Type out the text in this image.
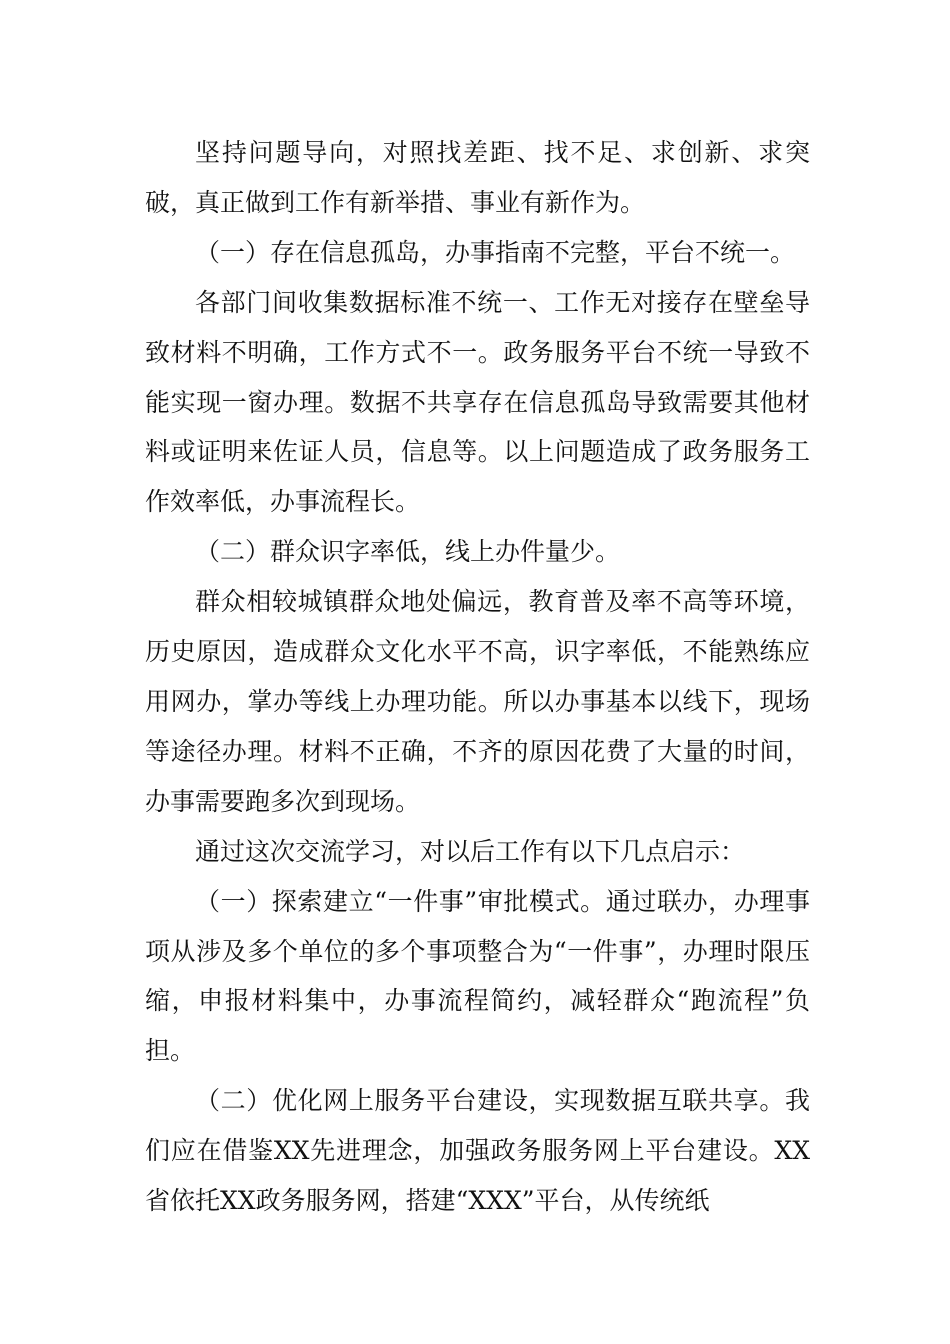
坚持问题导向，对照找差距、找不足、求创新、求突破，真正做到工作有新举措、事业有新作为。

（一）存在信息孤岛，办事指南不完整，平台不统一。

各部门间收集数据标准不统一、工作无对接存在壁垒导致材料不明确，工作方式不一。政务服务平台不统一导致不能实现一窗办理。数据不共享存在信息孤岛导致需要其他材料或证明来佐证人员，信息等。以上问题造成了政务服务工作效率低，办事流程长。

（二）群众识字率低，线上办件量少。

群众相较城镇群众地处偏远，教育普及率不高等环境，历史原因，造成群众文化水平不高，识字率低，不能熟练应用网办，掌办等线上办理功能。所以办事基本以线下，现场等途径办理。材料不正确，不齐的原因花费了大量的时间，办事需要跑多次到现场。

通过这次交流学习，对以后工作有以下几点启示：

（一）探索建立“一件事”审批模式。通过联办，办理事项从涉及多个单位的多个事项整合为“一件事”，办理时限压缩，申报材料集中，办事流程简约，减轻群众“跑流程”负担。

（二）优化网上服务平台建设，实现数据互联共享。我们应在借鉴XX先进理念，加强政务服务网上平台建设。XX省依托XX政务服务网，搭建“XXX”平台，从传统纸
